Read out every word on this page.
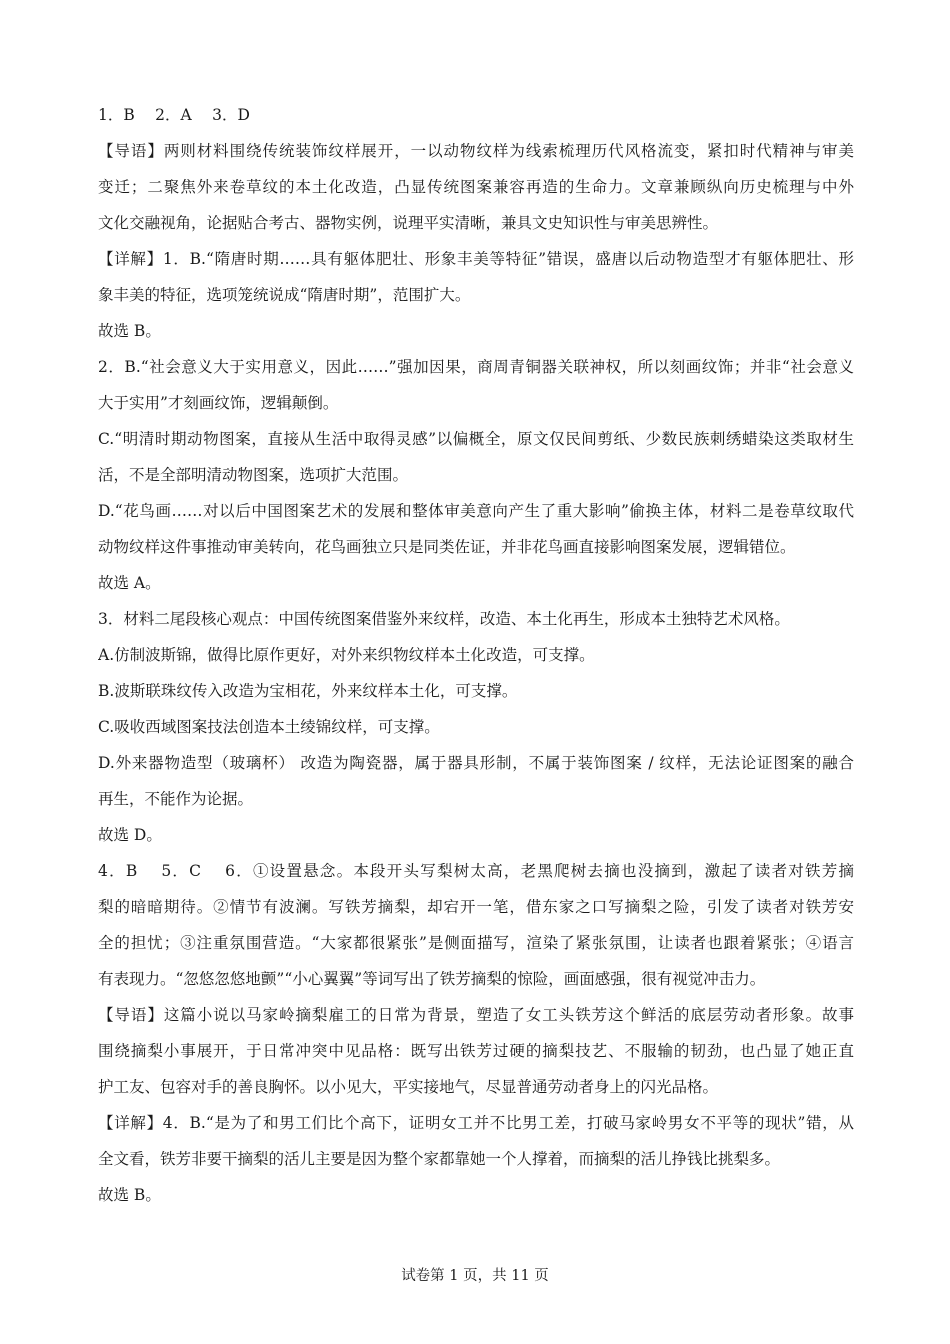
1．B　 2．A　 3．D
【导语】两则材料围绕传统装饰纹样展开，一以动物纹样为线索梳理历代风格流变，紧扣时代精神与审美
变迁；二聚焦外来卷草纹的本土化改造，凸显传统图案兼容再造的生命力。文章兼顾纵向历史梳理与中外
文化交融视角，论据贴合考古、器物实例，说理平实清晰，兼具文史知识性与审美思辨性。
【详解】1．B.“隋唐时期……具有躯体肥壮、形象丰美等特征”错误，盛唐以后动物造型才有躯体肥壮、形
象丰美的特征，选项笼统说成“隋唐时期”，范围扩大。
故选 B。
2．B.“社会意义大于实用意义，因此……”强加因果，商周青铜器关联神权，所以刻画纹饰；并非“社会意义
大于实用”才刻画纹饰，逻辑颠倒。
C.“明清时期动物图案，直接从生活中取得灵感”以偏概全，原文仅民间剪纸、少数民族刺绣蜡染这类取材生
活，不是全部明清动物图案，选项扩大范围。
D.“花鸟画……对以后中国图案艺术的发展和整体审美意向产生了重大影响”偷换主体，材料二是卷草纹取代
动物纹样这件事推动审美转向，花鸟画独立只是同类佐证，并非花鸟画直接影响图案发展，逻辑错位。
故选 A。
3．材料二尾段核心观点：中国传统图案借鉴外来纹样，改造、本土化再生，形成本土独特艺术风格。
A.仿制波斯锦，做得比原作更好，对外来织物纹样本土化改造，可支撑。
B.波斯联珠纹传入改造为宝相花，外来纹样本土化，可支撑。
C.吸收西域图案技法创造本土绫锦纹样，可支撑。
D.外来器物造型（玻璃杯） 改造为陶瓷器，属于器具形制，不属于装饰图案 / 纹样，无法论证图案的融合
再生，不能作为论据。
故选 D。
4．B　 5．C　 6．①设置悬念。本段开头写梨树太高，老黑爬树去摘也没摘到，激起了读者对铁芳摘
梨的暗暗期待。②情节有波澜。写铁芳摘梨，却宕开一笔，借东家之口写摘梨之险，引发了读者对铁芳安
全的担忧；③注重氛围营造。“大家都很紧张”是侧面描写，渲染了紧张氛围，让读者也跟着紧张；④语言
有表现力。“忽悠忽悠地颤”“小心翼翼”等词写出了铁芳摘梨的惊险，画面感强，很有视觉冲击力。
【导语】这篇小说以马家岭摘梨雇工的日常为背景，塑造了女工头铁芳这个鲜活的底层劳动者形象。故事
围绕摘梨小事展开，于日常冲突中见品格：既写出铁芳过硬的摘梨技艺、不服输的韧劲，也凸显了她正直
护工友、包容对手的善良胸怀。以小见大，平实接地气，尽显普通劳动者身上的闪光品格。
【详解】4．B.“是为了和男工们比个高下，证明女工并不比男工差，打破马家岭男女不平等的现状”错，从
全文看，铁芳非要干摘梨的活儿主要是因为整个家都靠她一个人撑着，而摘梨的活儿挣钱比挑梨多。
故选 B。
试卷第 1 页，共 11 页
